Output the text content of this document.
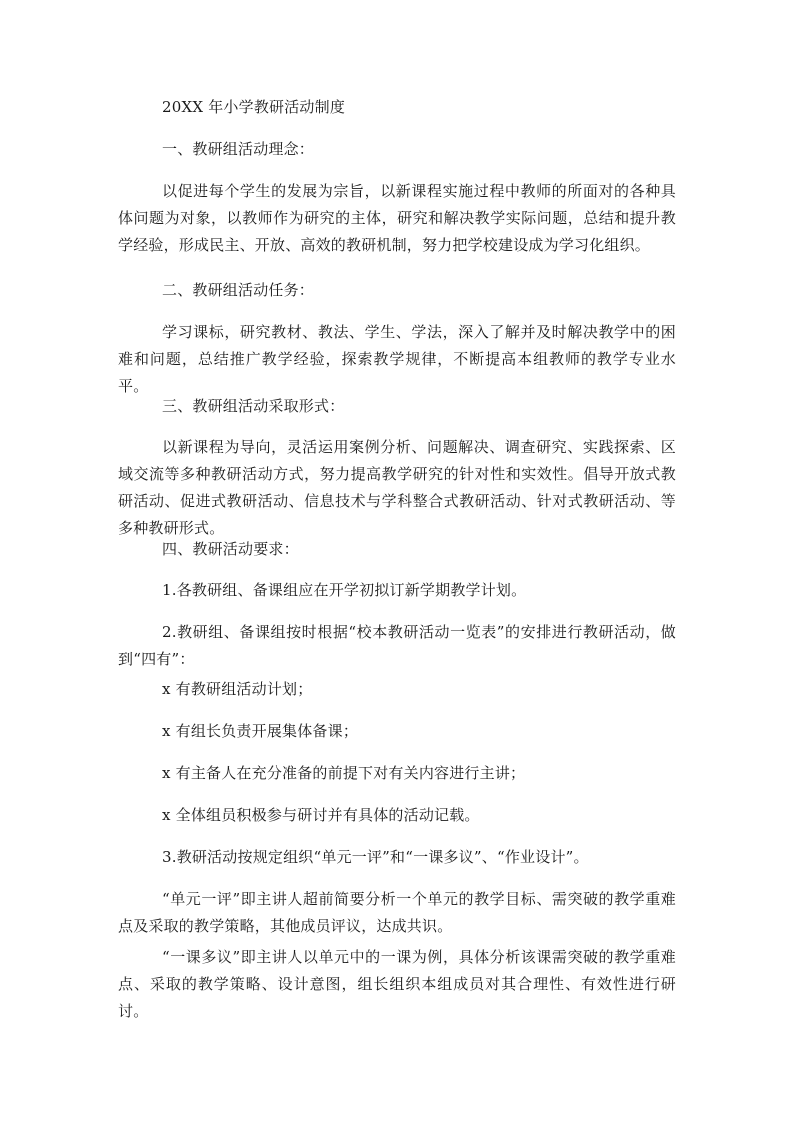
20XX 年小学教研活动制度
一、教研组活动理念：
以促进每个学生的发展为宗旨，以新课程实施过程中教师的所面对的各种具体问题为对象，以教师作为研究的主体，研究和解决教学实际问题，总结和提升教学经验，形成民主、开放、高效的教研机制，努力把学校建设成为学习化组织。
二、教研组活动任务：
学习课标，研究教材、教法、学生、学法，深入了解并及时解决教学中的困难和问题，总结推广教学经验，探索教学规律，不断提高本组教师的教学专业水平。
三、教研组活动采取形式：
以新课程为导向，灵活运用案例分析、问题解决、调查研究、实践探索、区域交流等多种教研活动方式，努力提高教学研究的针对性和实效性。倡导开放式教研活动、促进式教研活动、信息技术与学科整合式教研活动、针对式教研活动、等多种教研形式。
四、教研活动要求：
1.各教研组、备课组应在开学初拟订新学期教学计划。
2.教研组、备课组按时根据“校本教研活动一览表”的安排进行教研活动，做到“四有”：
x 有教研组活动计划；
x 有组长负责开展集体备课；
x 有主备人在充分准备的前提下对有关内容进行主讲；
x 全体组员积极参与研讨并有具体的活动记载。
3.教研活动按规定组织“单元一评”和“一课多议”、“作业设计”。
“单元一评”即主讲人超前简要分析一个单元的教学目标、需突破的教学重难点及采取的教学策略，其他成员评议，达成共识。
“一课多议”即主讲人以单元中的一课为例，具体分析该课需突破的教学重难点、采取的教学策略、设计意图，组长组织本组成员对其合理性、有效性进行研讨。
